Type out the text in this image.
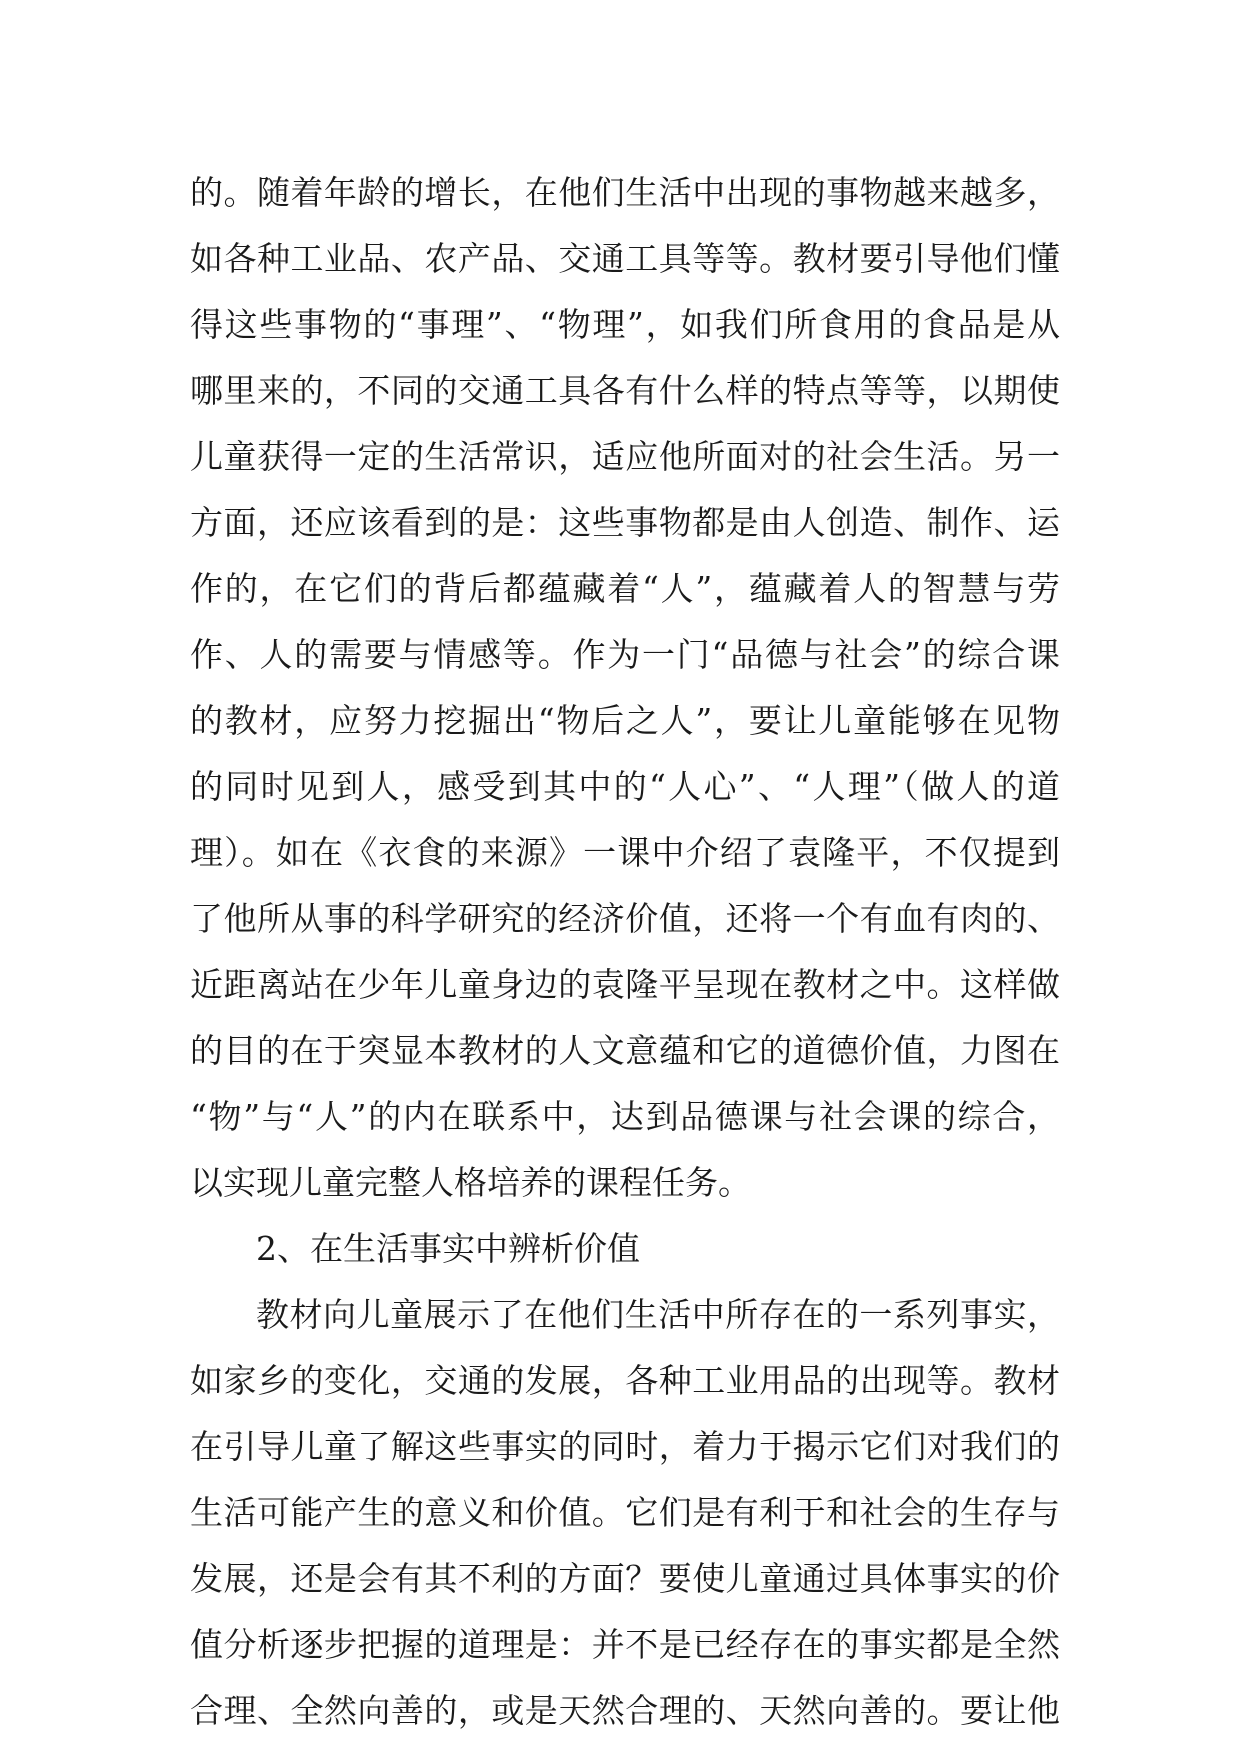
的。随着年龄的增长，在他们生活中出现的事物越来越多，
如各种工业品、农产品、交通工具等等。教材要引导他们懂
得这些事物的“事理”、“物理”，如我们所食用的食品是从
哪里来的，不同的交通工具各有什么样的特点等等，以期使
儿童获得一定的生活常识，适应他所面对的社会生活。另一
方面，还应该看到的是：这些事物都是由人创造、制作、运
作的，在它们的背后都蕴藏着“人”，蕴藏着人的智慧与劳
作、人的需要与情感等。作为一门“品德与社会”的综合课
的教材，应努力挖掘出“物后之人”，要让儿童能够在见物
的同时见到人，感受到其中的“人心”、“人理”（做人的道
理）。如在《衣食的来源》一课中介绍了袁隆平，不仅提到
了他所从事的科学研究的经济价值，还将一个有血有肉的、
近距离站在少年儿童身边的袁隆平呈现在教材之中。这样做
的目的在于突显本教材的人文意蕴和它的道德价值，力图在
“物”与“人”的内在联系中，达到品德课与社会课的综合，
以实现儿童完整人格培养的课程任务。
2、在生活事实中辨析价值
教材向儿童展示了在他们生活中所存在的一系列事实，
如家乡的变化，交通的发展，各种工业用品的出现等。教材
在引导儿童了解这些事实的同时，着力于揭示它们对我们的
生活可能产生的意义和价值。它们是有利于和社会的生存与
发展，还是会有其不利的方面？要使儿童通过具体事实的价
值分析逐步把握的道理是：并不是已经存在的事实都是全然
合理、全然向善的，或是天然合理的、天然向善的。要让他
